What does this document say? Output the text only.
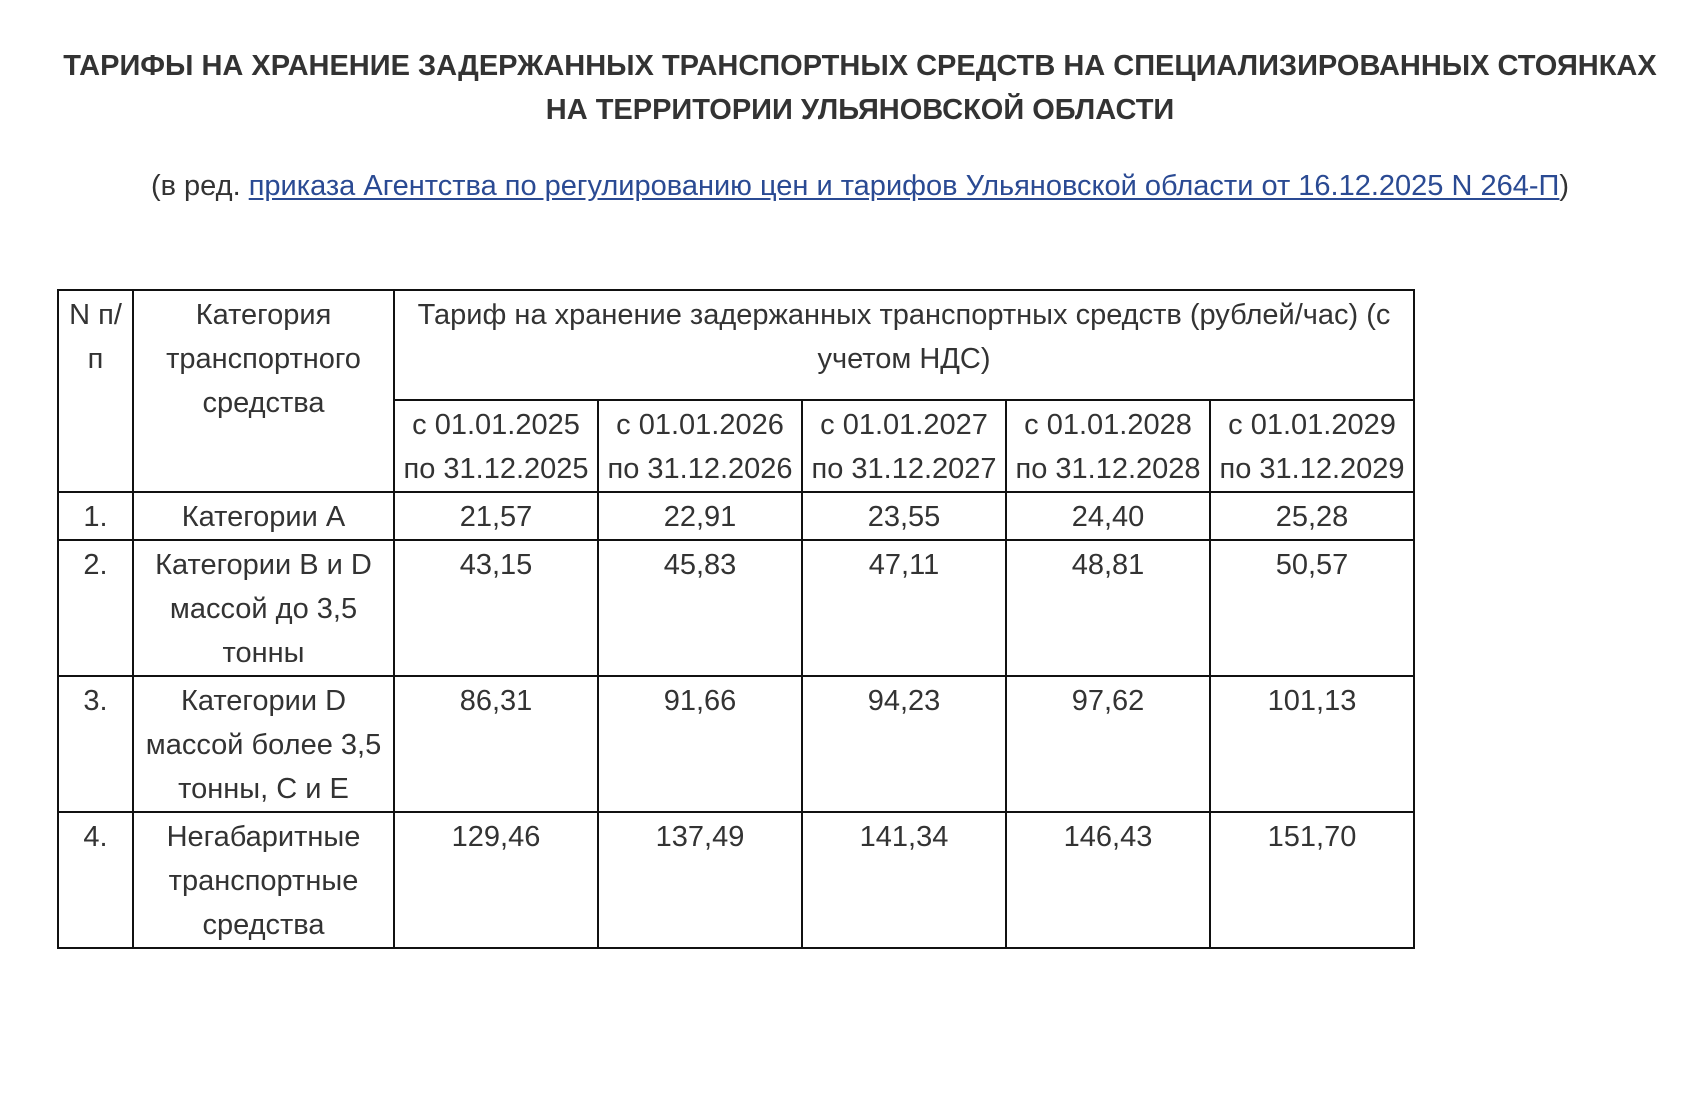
ТАРИФЫ НА ХРАНЕНИЕ ЗАДЕРЖАННЫХ ТРАНСПОРТНЫХ СРЕДСТВ НА СПЕЦИАЛИЗИРОВАННЫХ СТОЯНКАХ НА ТЕРРИТОРИИ УЛЬЯНОВСКОЙ ОБЛАСТИ
(в ред. приказа Агентства по регулированию цен и тарифов Ульяновской области от 16.12.2025 N 264-П)
N п/п	Категория транспортного средства	Тариф на хранение задержанных транспортных средств (рублей/час) (с учетом НДС)				
		с 01.01.2025 по 31.12.2025	с 01.01.2026 по 31.12.2026	с 01.01.2027 по 31.12.2027	с 01.01.2028 по 31.12.2028	с 01.01.2029 по 31.12.2029
1.	Категории A	21,57	22,91	23,55	24,40	25,28
2.	Категории B и D массой до 3,5 тонны	43,15	45,83	47,11	48,81	50,57
3.	Категории D массой более 3,5 тонны, C и E	86,31	91,66	94,23	97,62	101,13
4.	Негабаритные транспортные средства	129,46	137,49	141,34	146,43	151,70
